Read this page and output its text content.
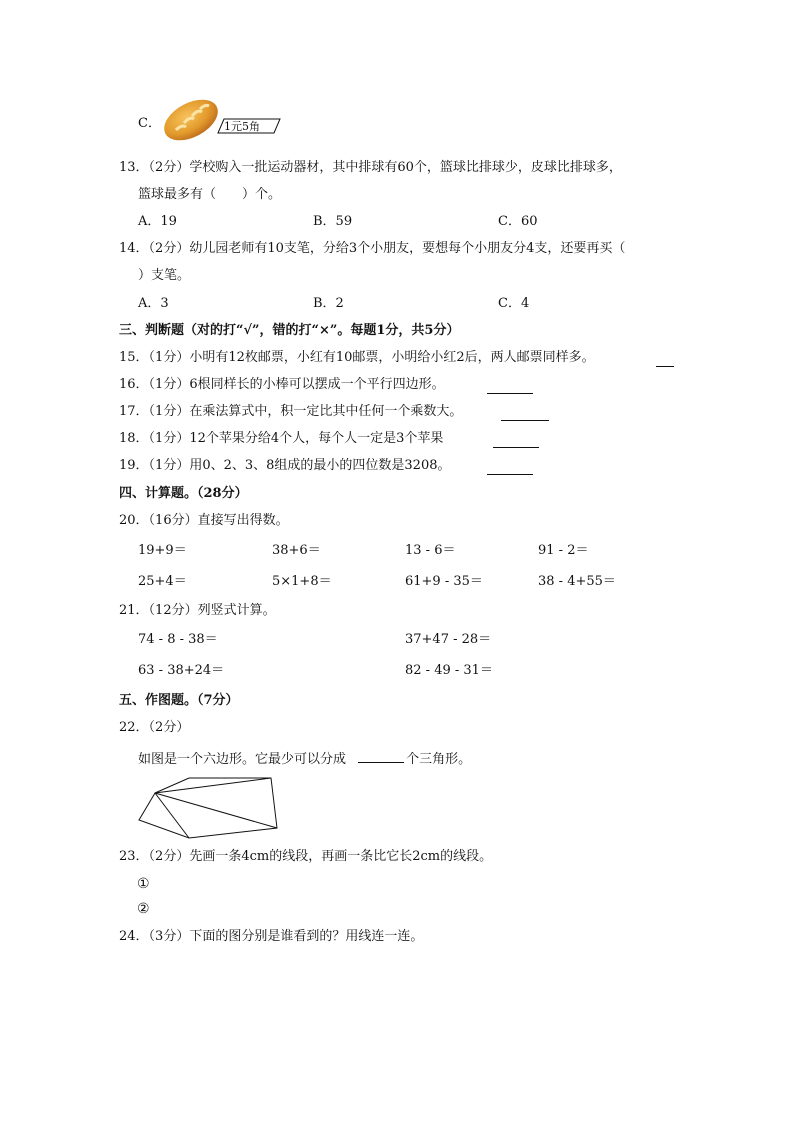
C．	1元5角
13．（2分）学校购入一批运动器材，其中排球有60个，篮球比排球少，皮球比排球多，
篮球最多有（　　）个。
A．19	B．59	C．60
14．（2分）幼儿园老师有10支笔，分给3个小朋友，要想每个小朋友分4支，还要再买（
）支笔。
A．3	B．2	C．4
三、判断题（对的打“√”，错的打“×”。每题1分，共5分）
15．（1分）小明有12枚邮票，小红有10邮票，小明给小红2后，两人邮票同样多。
16．（1分）6根同样长的小棒可以摆成一个平行四边形。
17．（1分）在乘法算式中，积一定比其中任何一个乘数大。
18．（1分）12个苹果分给4个人，每个人一定是3个苹果
19．（1分）用0、2、3、8组成的最小的四位数是3208。
四、计算题。（28分）
20．（16分）直接写出得数。
19+9＝	38+6＝	13 - 6＝	91 - 2＝
25+4＝	5×1+8＝	61+9 - 35＝	38 - 4+55＝
21．（12分）列竖式计算。
74 - 8 - 38＝	37+47 - 28＝
63 - 38+24＝	82 - 49 - 31＝
五、作图题。（7分）
22．（2分）
如图是一个六边形。它最少可以分成	个三角形。
23．（2分）先画一条4cm的线段，再画一条比它长2cm的线段。
①
②
24．（3分）下面的图分别是谁看到的？用线连一连。
